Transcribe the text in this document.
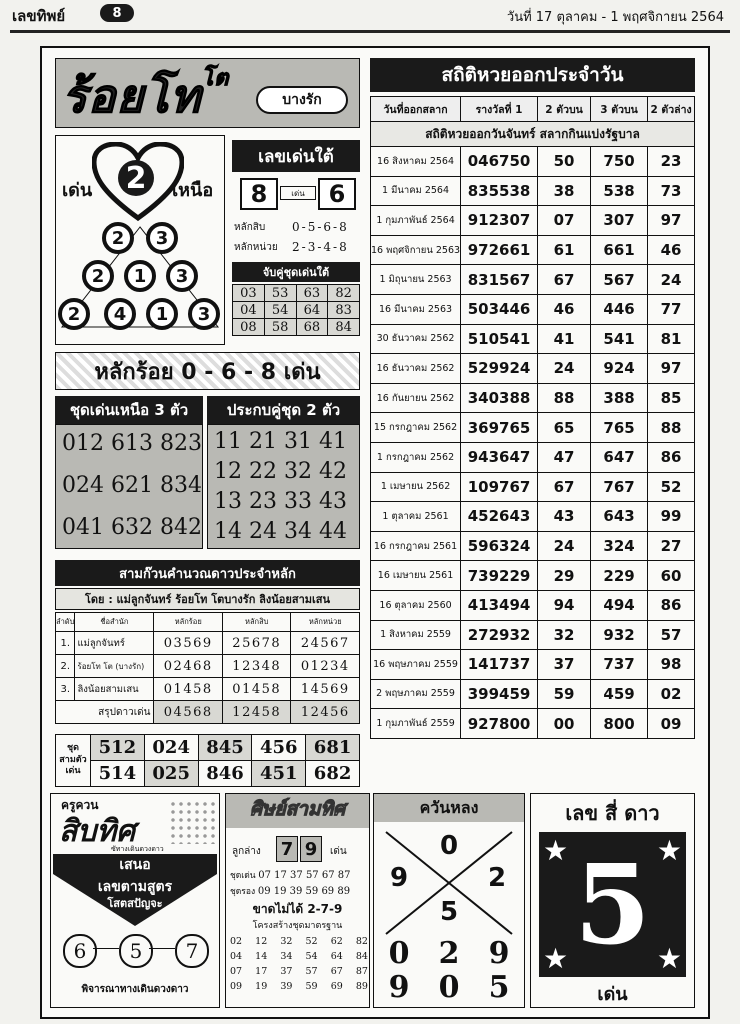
เลขทิพย์	8	วันที่ 17 ตุลาคม - 1 พฤศจิกายน 2564
ร้อยโท$^{โต}$
บางรัก
เด่น 2	เหนือ
2	3
2	1	3
2	4	1	3
เลขเด่นใต้
8	เด่น 6
หลักสิบ 0-5-6-8
หลักหน่วย 2-3-4-8
จับคู่ชุดเด่นใต้
03	53	63	82
04	54	64	83
08	58	68	84
หลักร้อย 0 - 6 - 8 เด่น
ชุดเด่นเหนือ 3 ตัว	ประกบคู่ชุด 2 ตัว
012 613 823
024 621 834
041 632 842
11 21 31 41
12 22 32 42
13 23 33 43
14 24 34 44
สามก๊วนคำนวณดาวประจำหลัก
โดย : แม่ลูกจันทร์ ร้อยโท โตบางรัก ลิงน้อยสามเสน
ลำดับ	ชื่อสำนัก	หลักร้อย	หลักสิบ	หลักหน่วย
1.	แม่ลูกจันทร์	03569	25678	24567
2.	ร้อยโท โต (บางรัก)	02468	12348	01234
3.	ลิงน้อยสามเสน	01458	01458	14569
สรุปดาวเด่น		04568	12458	12456
ชุด
สามตัว
เด่น	512	024	845	456	681
	514	025	846	451	682
สถิติหวยออกประจำวัน
วันที่ออกสลาก	รางวัลที่ 1	2 ตัวบน	3 ตัวบน	2 ตัวล่าง
สถิติหวยออกวันจันทร์ สลากกินแบ่งรัฐบาล				
16 สิงหาคม 2564	046750	50	750	23
1 มีนาคม 2564	835538	38	538	73
1 กุมภาพันธ์ 2564	912307	07	307	97
16 พฤศจิกายน 2563	972661	61	661	46
1 มิถุนายน 2563	831567	67	567	24
16 มีนาคม 2563	503446	46	446	77
30 ธันวาคม 2562	510541	41	541	81
16 ธันวาคม 2562	529924	24	924	97
16 กันยายน 2562	340388	88	388	85
15 กรกฎาคม 2562	369765	65	765	88
1 กรกฎาคม 2562	943647	47	647	86
1 เมษายน 2562	109767	67	767	52
1 ตุลาคม 2561	452643	43	643	99
16 กรกฎาคม 2561	596324	24	324	27
16 เมษายน 2561	739229	29	229	60
16 ตุลาคม 2560	413494	94	494	86
1 สิงหาคม 2559	272932	32	932	57
16 พฤษภาคม 2559	141737	37	737	98
2 พฤษภาคม 2559	399459	59	459	02
1 กุมภาพันธ์ 2559	927800	00	800	09
ครูควน
สิบทิศ
ซัทางเดินดวงดาว
เสนอ
เลขตามสูตร
โสตสปัญจะ
6	5	7
พิจารณาทางเดินดวงดาว
ศิษย์สามทิศ
ลูกล่าง 7 9	เด่น
ชุดเด่น 07 17 37 57 67 87
ชุดรอง 09 19 39 59 69 89
ขาดไม่ได้ 2-7-9
โครงสร้างชุดมาตรฐาน
02 12 32 52 62 82
04 14 34 54 64 84
07 17 37 57 67 87
09 19 39 59 69 89
ควันหลง
0
9	2
5
0 2 9
9 0 5
เลข สี่ ดาว
★	★
★	★
5
เด่น
